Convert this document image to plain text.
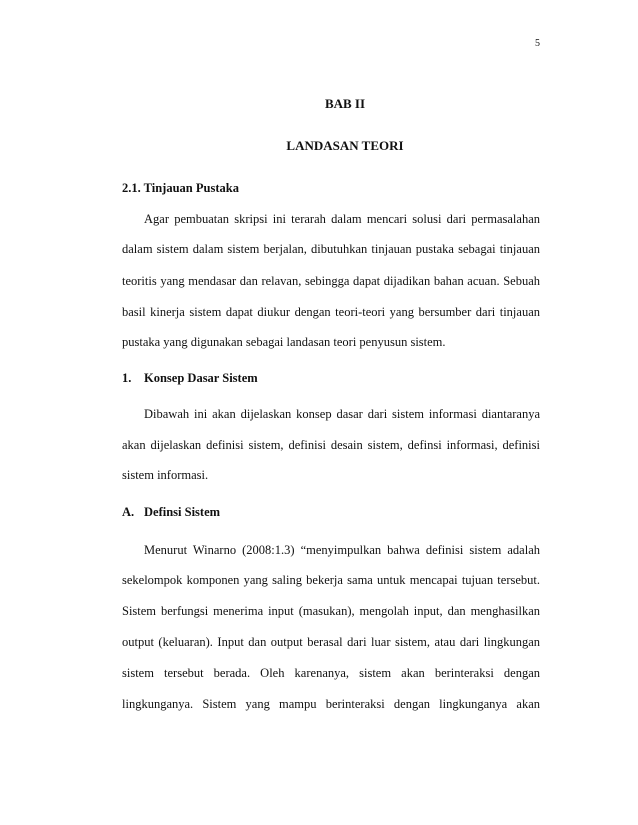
5
BAB II
LANDASAN TEORI
2.1. Tinjauan Pustaka
Agar pembuatan skripsi ini terarah dalam mencari solusi dari permasalahan
dalam sistem dalam sistem berjalan, dibutuhkan tinjauan pustaka sebagai tinjauan
teoritis yang mendasar dan relavan, sebingga dapat dijadikan bahan acuan. Sebuah
basil kinerja sistem dapat diukur dengan teori-teori yang bersumber dari tinjauan
pustaka yang digunakan sebagai landasan teori penyusun sistem.
1. Konsep Dasar Sistem
Dibawah ini akan dijelaskan konsep dasar dari sistem informasi diantaranya
akan dijelaskan definisi sistem, definisi desain sistem, definsi informasi, definisi
sistem informasi.
A. Definsi Sistem
Menurut Winarno (2008:1.3) “menyimpulkan bahwa definisi sistem adalah
sekelompok komponen yang saling bekerja sama untuk mencapai tujuan tersebut.
Sistem berfungsi menerima input (masukan), mengolah input, dan menghasilkan
output (keluaran). Input dan output berasal dari luar sistem, atau dari lingkungan
sistem tersebut berada. Oleh karenanya, sistem akan berinteraksi dengan
lingkunganya. Sistem yang mampu berinteraksi dengan lingkunganya akan
